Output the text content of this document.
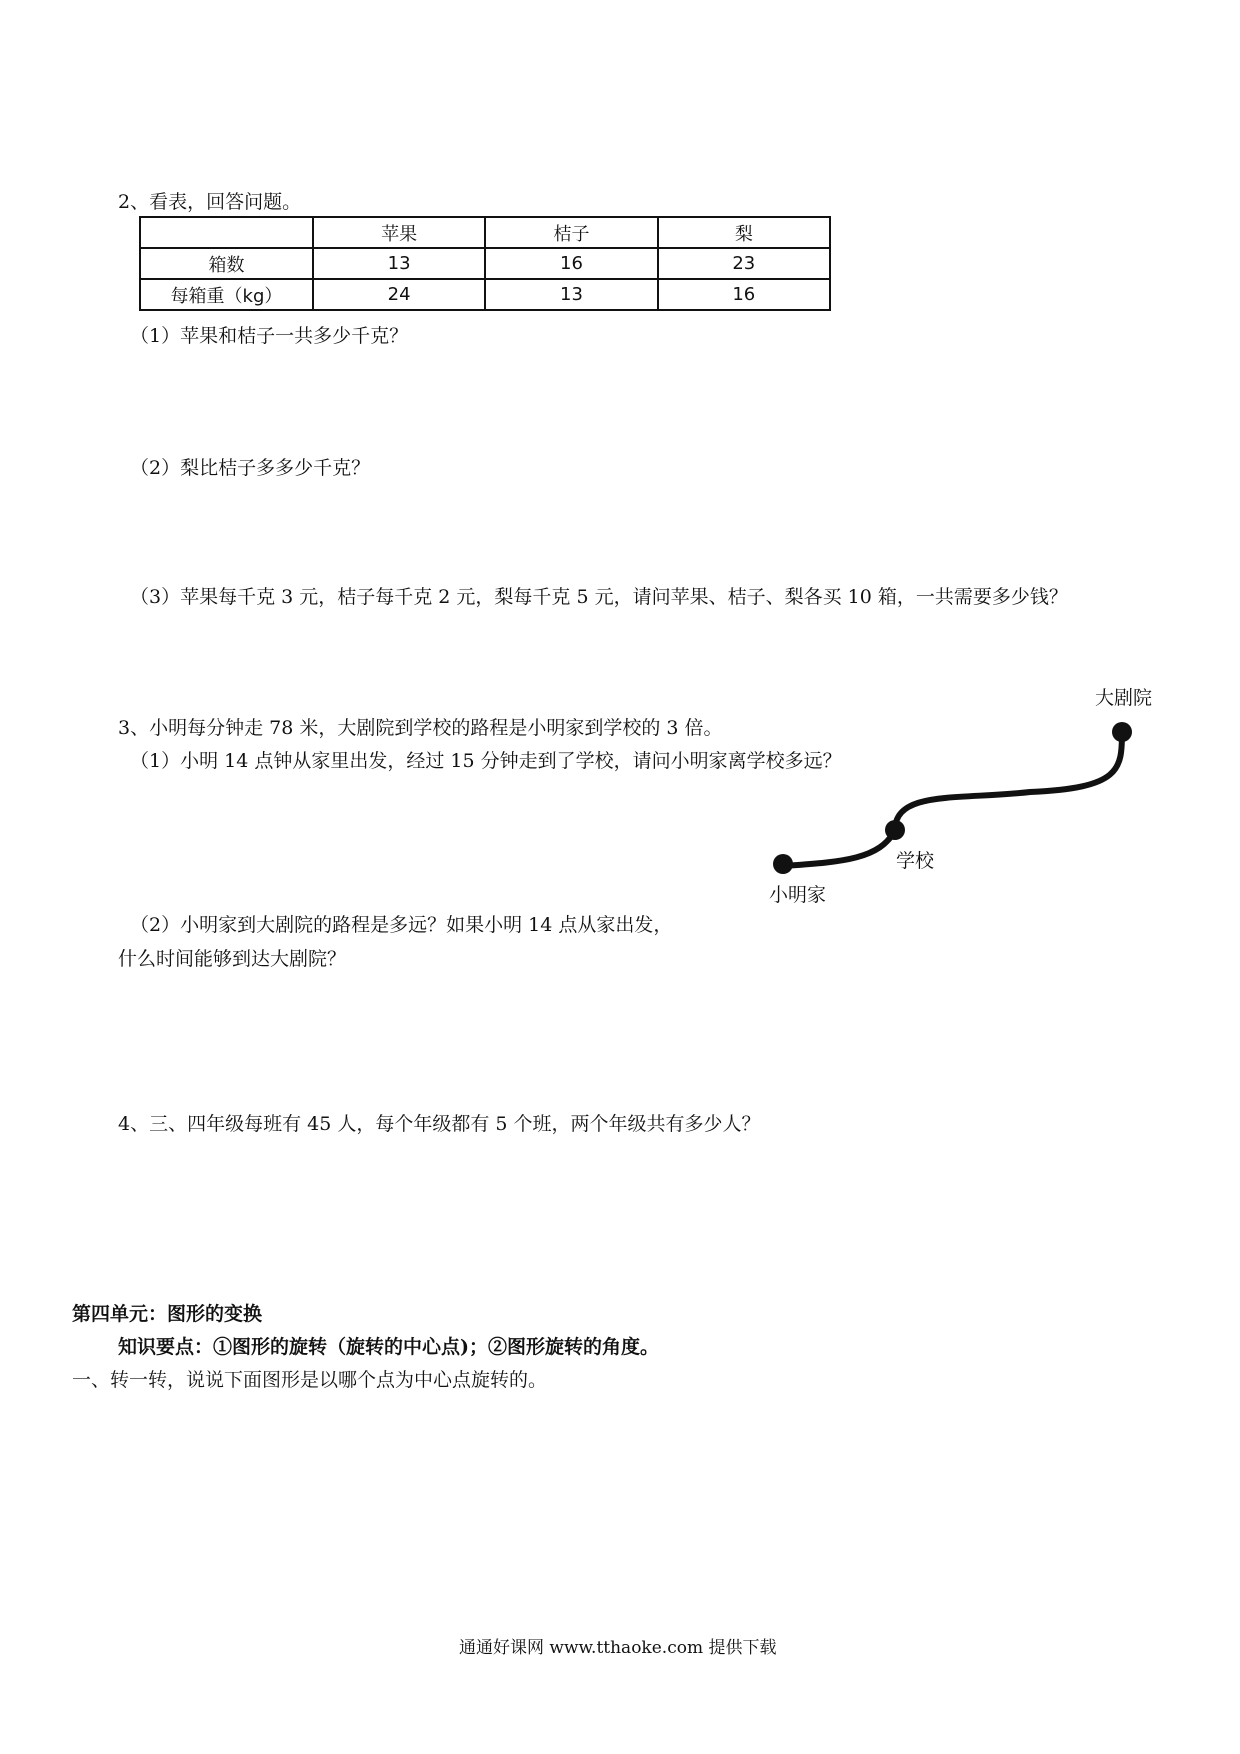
2、看表，回答问题。
	苹果	桔子	梨
箱数	13	16	23
每箱重（kg）	24	13	16
（1）苹果和桔子一共多少千克？
（2）梨比桔子多多少千克？
（3）苹果每千克 3 元，桔子每千克 2 元，梨每千克 5 元，请问苹果、桔子、梨各买 10 箱，一共需要多少钱？
3、小明每分钟走 78 米，大剧院到学校的路程是小明家到学校的 3 倍。
（1）小明 14 点钟从家里出发，经过 15 分钟走到了学校，请问小明家离学校多远？
（2）小明家到大剧院的路程是多远？如果小明 14 点从家出发，
什么时间能够到达大剧院？
大剧院
学校
小明家
4、三、四年级每班有 45 人，每个年级都有 5 个班，两个年级共有多少人？
第四单元：图形的变换
知识要点：①图形的旋转（旋转的中心点)；②图形旋转的角度。
一、转一转，说说下面图形是以哪个点为中心点旋转的。
通通好课网 www.tthaoke.com 提供下载
